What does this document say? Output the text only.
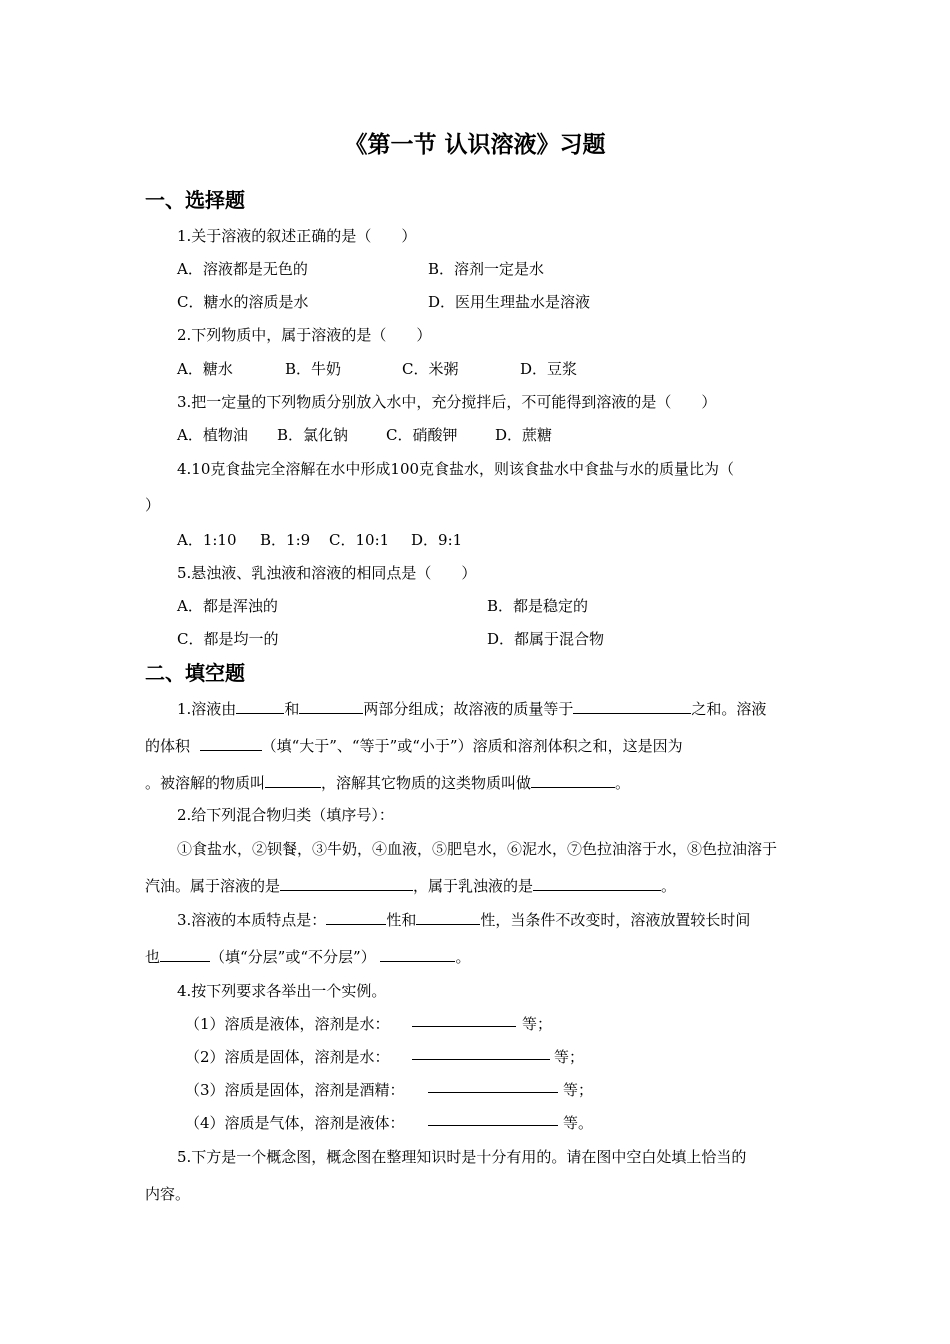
《第一节 认识溶液》习题
一、选择题
1.关于溶液的叙述正确的是（　　）
A．溶液都是无色的	B．溶剂一定是水
C．糖水的溶质是水	D．医用生理盐水是溶液
2.下列物质中，属于溶液的是（　　）
A．糖水	B．牛奶	C．米粥	D．豆浆
3.把一定量的下列物质分别放入水中，充分搅拌后，不可能得到溶液的是（　　）
A．植物油 B．氯化钠	C．硝酸钾	D．蔗糖
4.10克食盐完全溶解在水中形成100克食盐水，则该食盐水中食盐与水的质量比为（
）
A．1:10 B．1:9 C．10:1 D．9:1
5.悬浊液、乳浊液和溶液的相同点是（　　）
A．都是浑浊的	B．都是稳定的
C．都是均一的	D．都属于混合物
二、填空题
1.溶液由	和	两部分组成；故溶液的质量等于	之和。溶液
的体积	（填“大于”、“等于”或“小于”）溶质和溶剂体积之和，这是因为
。被溶解的物质叫	，溶解其它物质的这类物质叫做	。
2.给下列混合物归类（填序号）：
①食盐水，②钡餐，③牛奶，④血液，⑤肥皂水，⑥泥水，⑦色拉油溶于水，⑧色拉油溶于
汽油。属于溶液的是	，属于乳浊液的是	。
3.溶液的本质特点是：	性和	性，当条件不改变时，溶液放置较长时间
也	（填“分层”或“不分层”）	。
4.按下列要求各举出一个实例。
（1）溶质是液体，溶剂是水：	等；
（2）溶质是固体，溶剂是水：	等；
（3）溶质是固体，溶剂是酒精：	等；
（4）溶质是气体，溶剂是液体：	等。
5.下方是一个概念图，概念图在整理知识时是十分有用的。请在图中空白处填上恰当的
内容。
